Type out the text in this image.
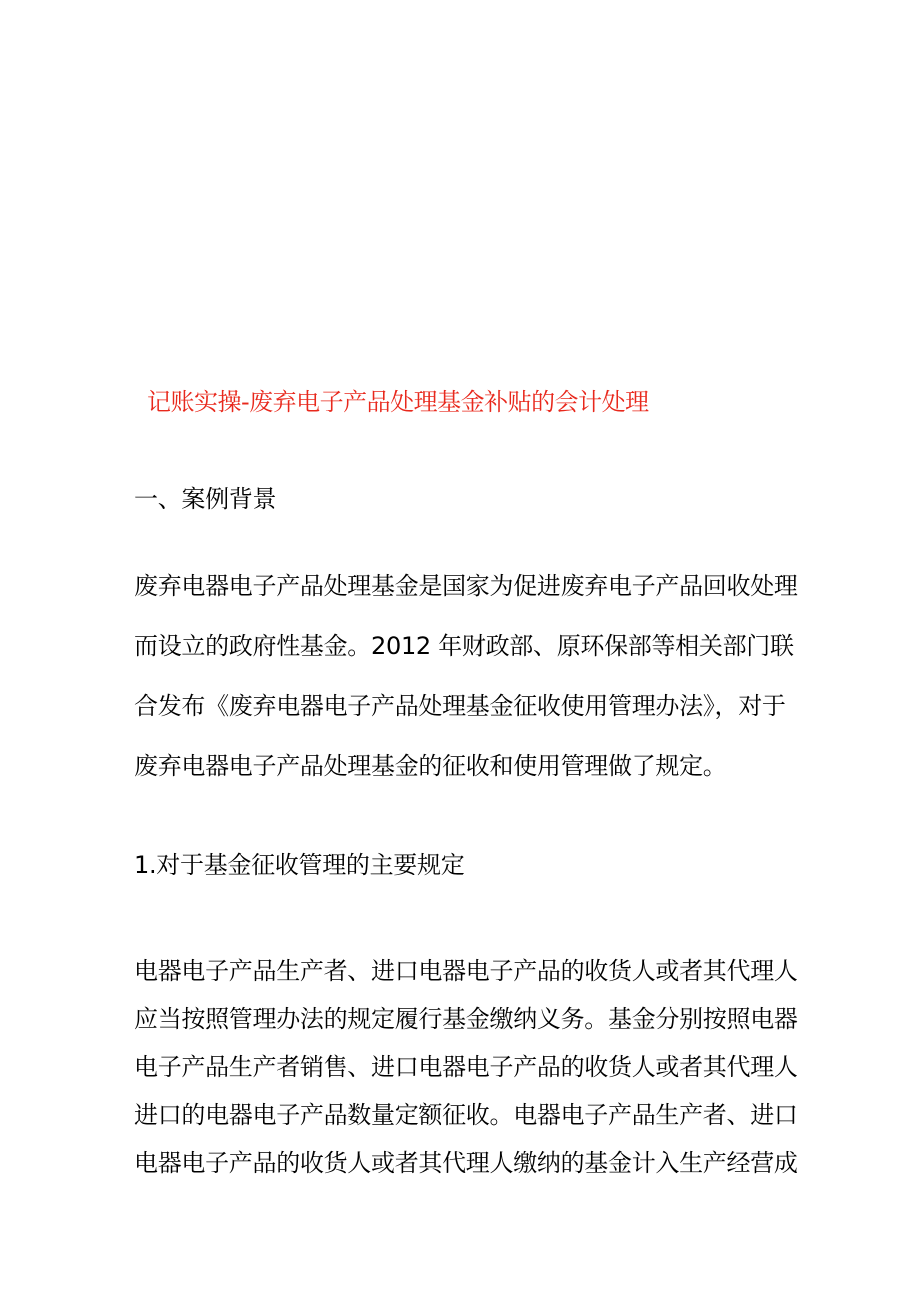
记账实操-废弃电子产品处理基金补贴的会计处理
一、案例背景
废弃电器电子产品处理基金是国家为促进废弃电子产品回收处理
而设立的政府性基金。2012 年财政部、原环保部等相关部门联
合发布《废弃电器电子产品处理基金征收使用管理办法》，对于
废弃电器电子产品处理基金的征收和使用管理做了规定。
1.对于基金征收管理的主要规定
电器电子产品生产者、进口电器电子产品的收货人或者其代理人
应当按照管理办法的规定履行基金缴纳义务。基金分别按照电器
电子产品生产者销售、进口电器电子产品的收货人或者其代理人
进口的电器电子产品数量定额征收。电器电子产品生产者、进口
电器电子产品的收货人或者其代理人缴纳的基金计入生产经营成
